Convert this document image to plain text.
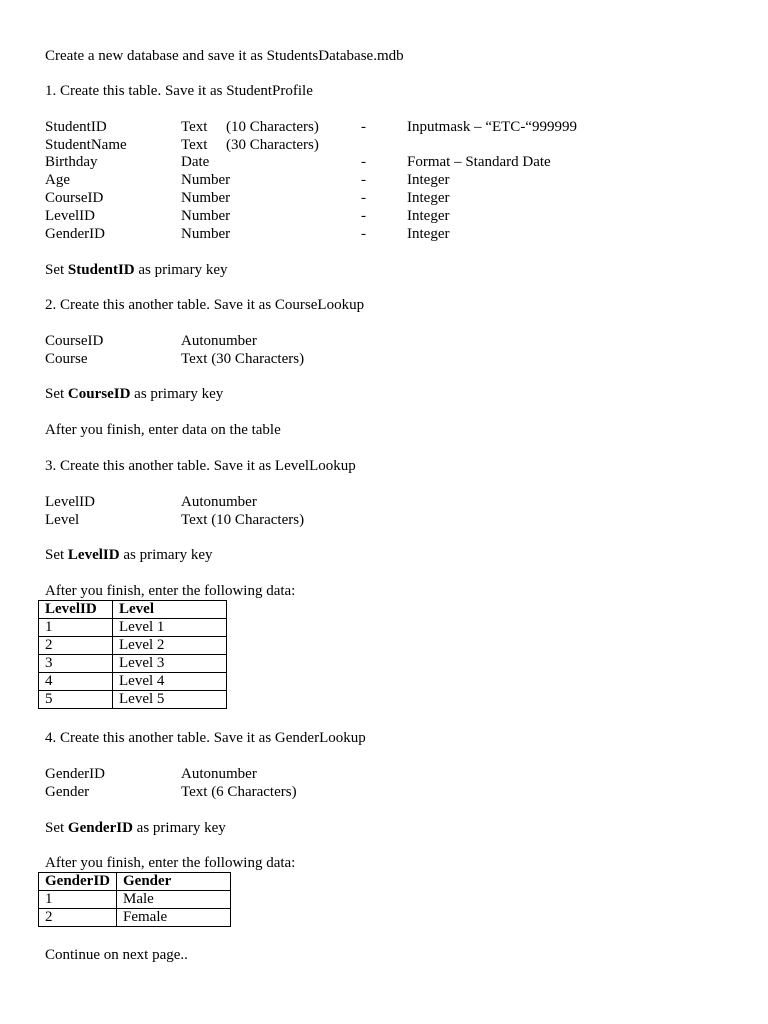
Create a new database and save it as StudentsDatabase.mdb
1. Create this table. Save it as StudentProfile
StudentID	Text (10 Characters)	-	Inputmask – “ETC-“999999
StudentName	Text (30 Characters)
Birthday	Date	-	Format – Standard Date
Age	Number	-	Integer
CourseID	Number	-	Integer
LevelID	Number	-	Integer
GenderID	Number	-	Integer
Set StudentID as primary key
2. Create this another table. Save it as CourseLookup
CourseID	Autonumber
Course	Text (30 Characters)
Set CourseID as primary key
After you finish, enter data on the table
3. Create this another table. Save it as LevelLookup
LevelID	Autonumber
Level	Text (10 Characters)
Set LevelID as primary key
After you finish, enter the following data:
LevelID	Level
1	Level 1
2	Level 2
3	Level 3
4	Level 4
5	Level 5
4. Create this another table. Save it as GenderLookup
GenderID	Autonumber
Gender	Text (6 Characters)
Set GenderID as primary key
After you finish, enter the following data:
GenderID	Gender
1	Male
2	Female
Continue on next page..
